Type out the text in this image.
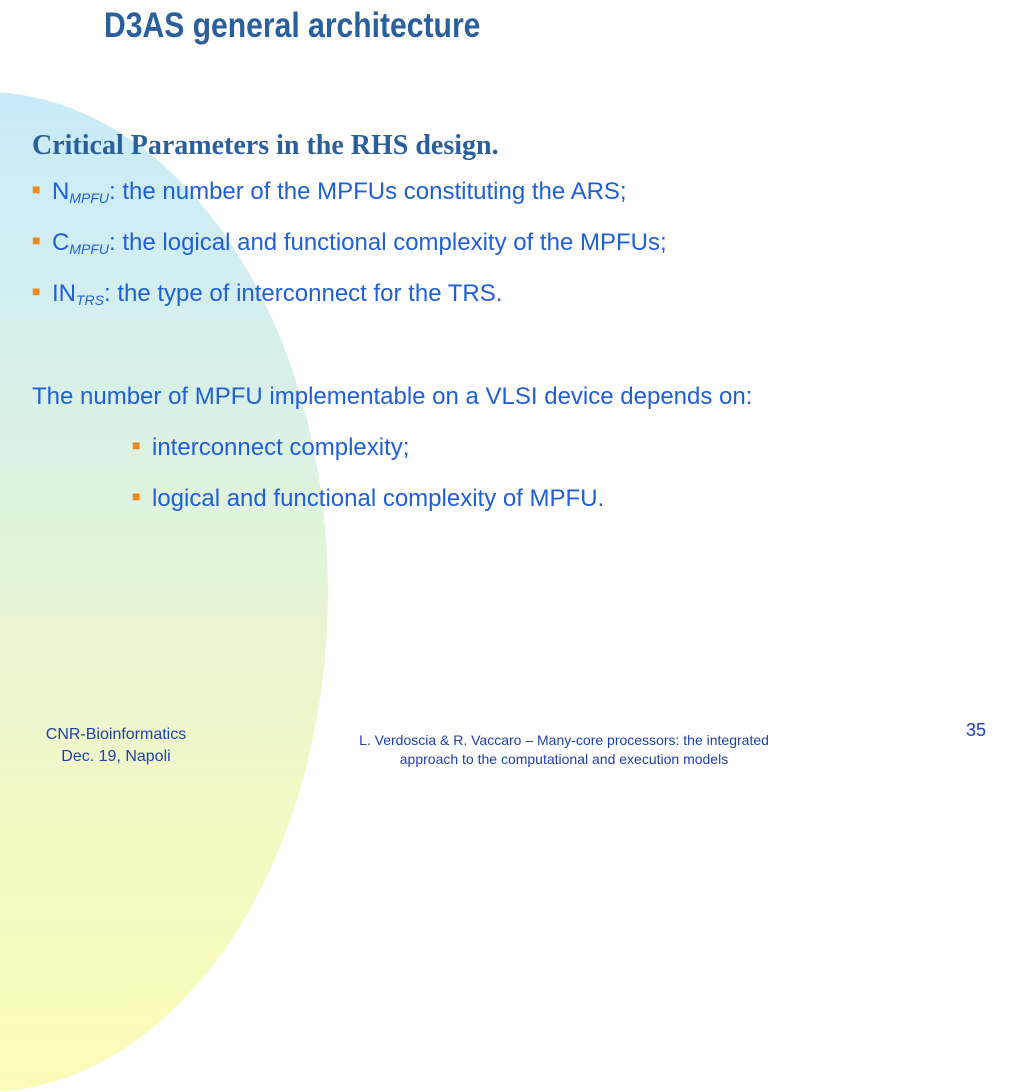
D3AS general architecture
Critical Parameters in the RHS design.
■ $N_{MPFU}$: the number of the MPFUs constituting the ARS;
■ $C_{MPFU}$: the logical and functional complexity of the MPFUs;
■ $IN_{TRS}$: the type of interconnect for the TRS.
The number of MPFU implementable on a VLSI device depends on:
■ interconnect complexity;
■ logical and functional complexity of MPFU.
CNR-Bioinformatics
Dec. 19, Napoli
L. Verdoscia & R. Vaccaro – Many-core processors: the integrated
approach to the computational and execution models
35
